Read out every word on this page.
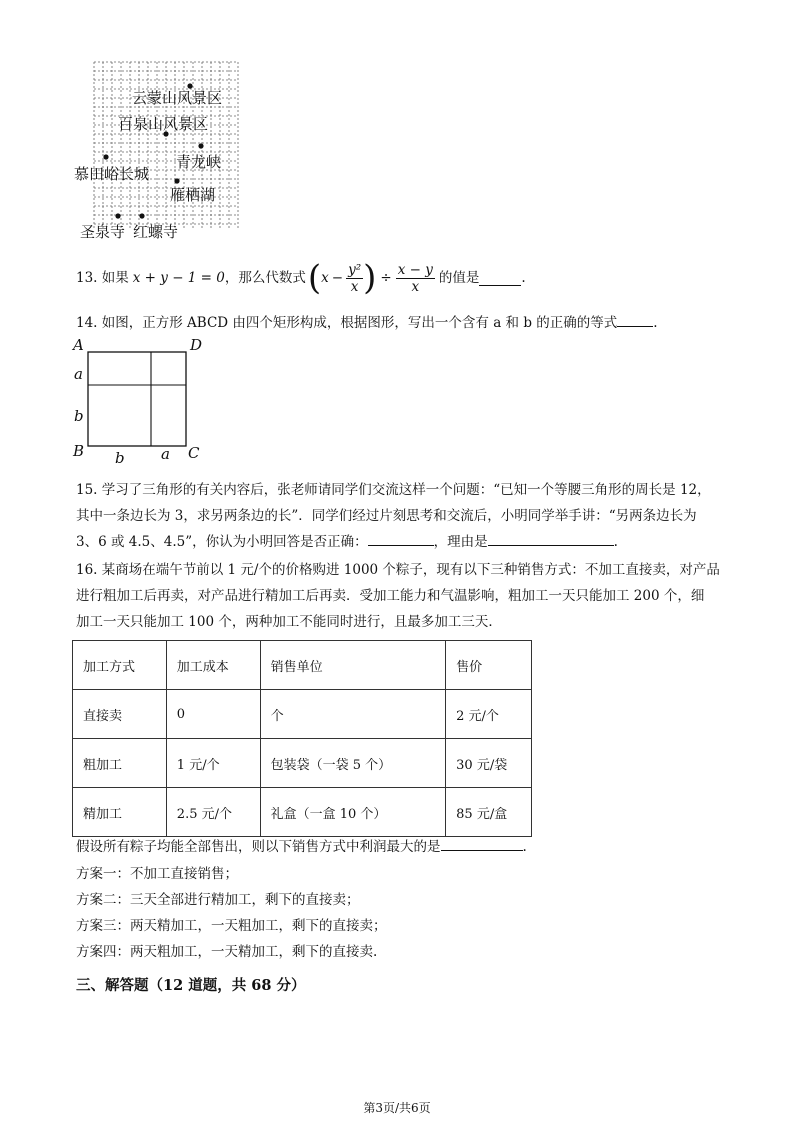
云蒙山风景区
百泉山风景区
青龙峡
慕田峪长城
雁栖湖
圣泉寺 红螺寺
13. 如果 x + y − 1 = 0 ，那么代数式 ( $x - \frac{\text{y²}}{x}$ ) ÷ $\frac{x - y}{x}$ 的值是	.
14. 如图，正方形 ABCD 由四个矩形构成，根据图形，写出一个含有 a 和 b 的正确的等式	.
A	D
a
b
B	C
b a
15. 学习了三角形的有关内容后，张老师请同学们交流这样一个问题：“已知一个等腰三角形的周长是 12，
其中一条边长为 3，求另两条边的长”．同学们经过片刻思考和交流后，小明同学举手讲：“另两条边长为
3、6 或 4.5、4.5”，你认为小明回答是否正确：	，理由是	.
16. 某商场在端午节前以 1 元/个的价格购进 1000 个粽子，现有以下三种销售方式：不加工直接卖，对产品
进行粗加工后再卖，对产品进行精加工后再卖．受加工能力和气温影响，粗加工一天只能加工 200 个，细
加工一天只能加工 100 个，两种加工不能同时进行，且最多加工三天．
加工方式	加工成本	销售单位	售价
直接卖	0	个	2 元/个
粗加工	1 元/个	包装袋（一袋 5 个）	30 元/袋
精加工	2.5 元/个	礼盒（一盒 10 个）	85 元/盒
假设所有粽子均能全部售出，则以下销售方式中利润最大的是	.
方案一：不加工直接销售；
方案二：三天全部进行精加工，剩下的直接卖；
方案三：两天精加工，一天粗加工，剩下的直接卖；
方案四：两天粗加工，一天精加工，剩下的直接卖.
三、解答题（12 道题，共 68 分）
第3页/共6页
